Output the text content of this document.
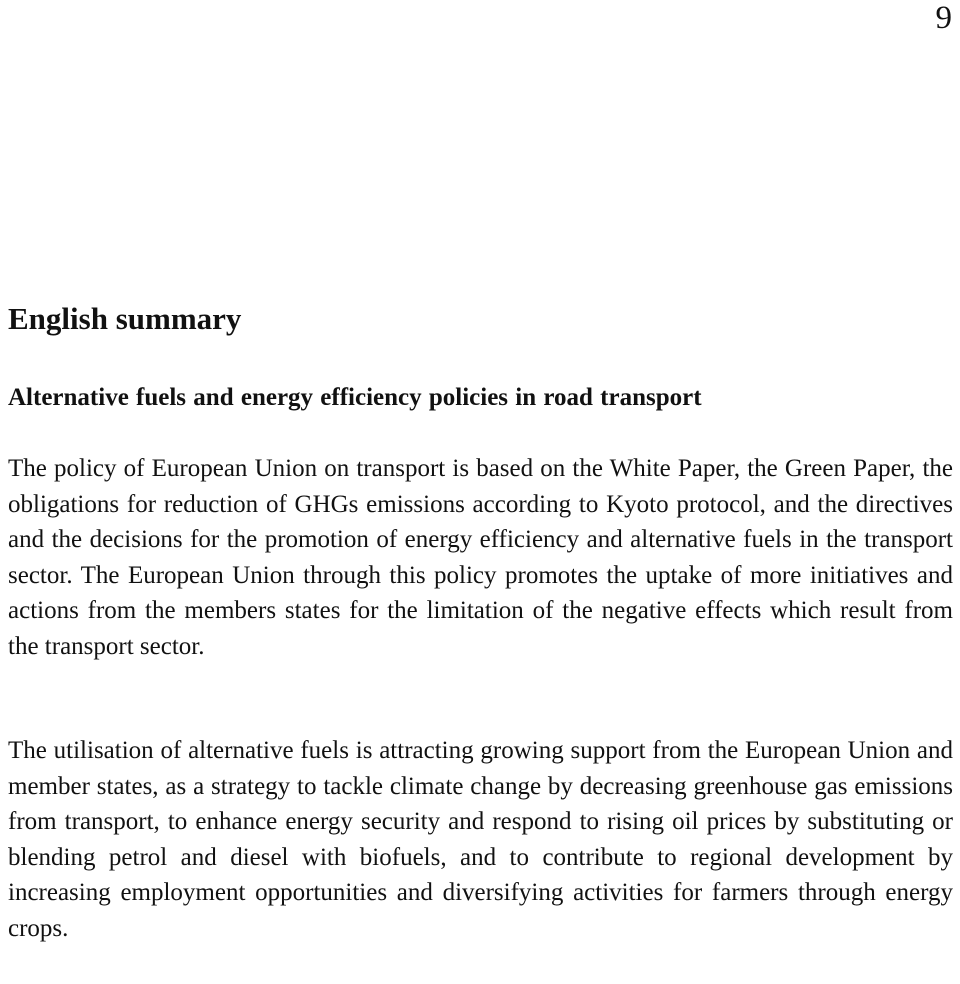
9
English summary
Alternative fuels and energy efficiency policies in road transport

The policy of European Union on transport is based on the White Paper, the Green Paper, the obligations for reduction of GHGs emissions according to Kyoto protocol, and the directives and the decisions for the promotion of energy efficiency and alternative fuels in the transport sector. The European Union through this policy promotes the uptake of more initiatives and actions from the members states for the limitation of the negative effects which result from the transport sector.

The utilisation of alternative fuels is attracting growing support from the European Union and member states, as a strategy to tackle climate change by decreasing greenhouse gas emissions from transport, to enhance energy security and respond to rising oil prices by substituting or blending petrol and diesel with biofuels, and to contribute to regional development by increasing employment opportunities and diversifying activities for farmers through energy crops.
